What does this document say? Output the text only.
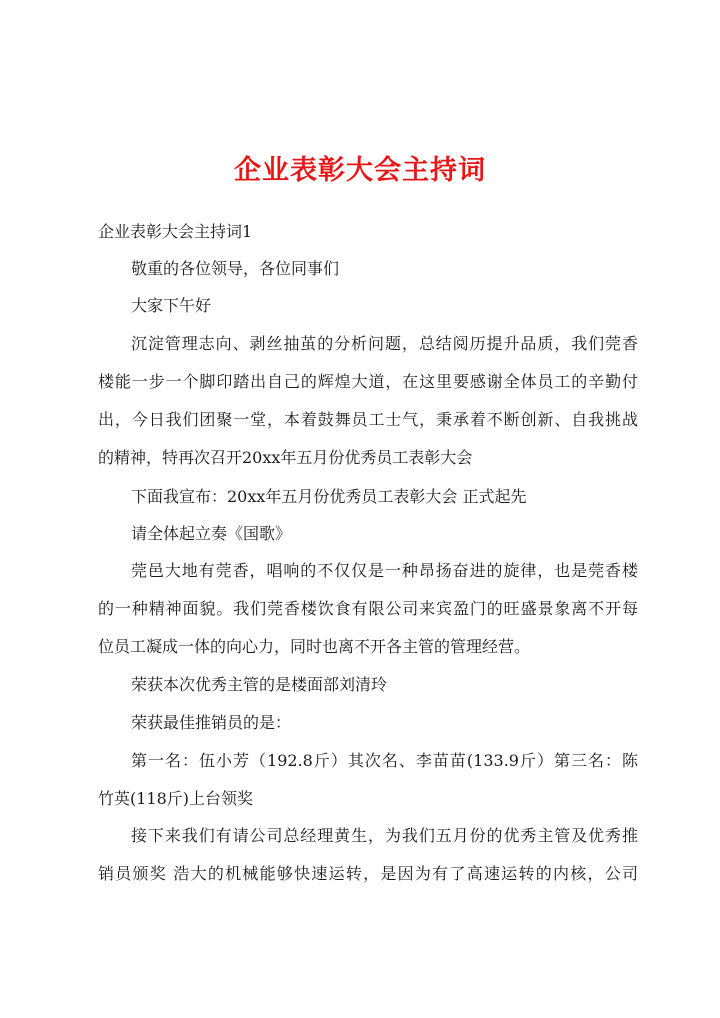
企业表彰大会主持词
企业表彰大会主持词1
敬重的各位领导，各位同事们
大家下午好
沉淀管理志向、剥丝抽茧的分析问题，总结阅历提升品质，我们莞香
楼能一步一个脚印踏出自己的辉煌大道，在这里要感谢全体员工的辛勤付
出，今日我们团聚一堂，本着鼓舞员工士气，秉承着不断创新、自我挑战
的精神，特再次召开20xx年五月份优秀员工表彰大会
下面我宣布：20xx年五月份优秀员工表彰大会 正式起先
请全体起立奏《国歌》
莞邑大地有莞香，唱响的不仅仅是一种昂扬奋进的旋律，也是莞香楼
的一种精神面貌。我们莞香楼饮食有限公司来宾盈门的旺盛景象离不开每
位员工凝成一体的向心力，同时也离不开各主管的管理经营。
荣获本次优秀主管的是楼面部刘清玲
荣获最佳推销员的是：
第一名：伍小芳（192.8斤）其次名、李苗苗(133.9斤）第三名：陈
竹英(118斤)上台领奖
接下来我们有请公司总经理黄生，为我们五月份的优秀主管及优秀推
销员颁奖 浩大的机械能够快速运转，是因为有了高速运转的内核，公司
